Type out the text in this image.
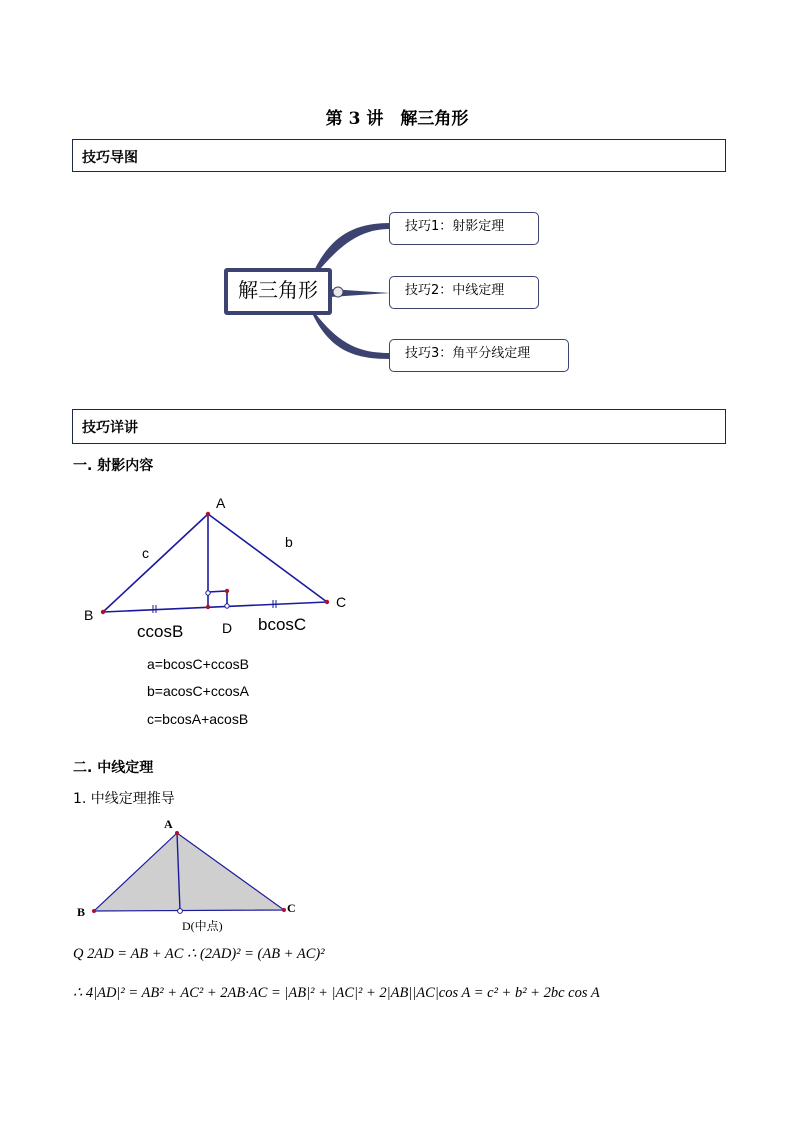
第 3 讲　解三角形
技巧导图
解三角形
技巧1：射影定理
技巧2：中线定理
技巧3：角平分线定理
技巧详讲
一. 射影内容
A
B
C
D
b
c
ccosB	bcosC
a=bcosC+ccosB
b=acosC+ccosA
c=bcosA+acosB
二. 中线定理
1. 中线定理推导
A
B	C
D(中点)
Q 2AD = AB + AC ∴ (2AD)² = (AB + AC)²
∴ 4|AD|² = AB² + AC² + 2AB·AC = |AB|² + |AC|² + 2|AB||AC|cos A = c² + b² + 2bc cos A
